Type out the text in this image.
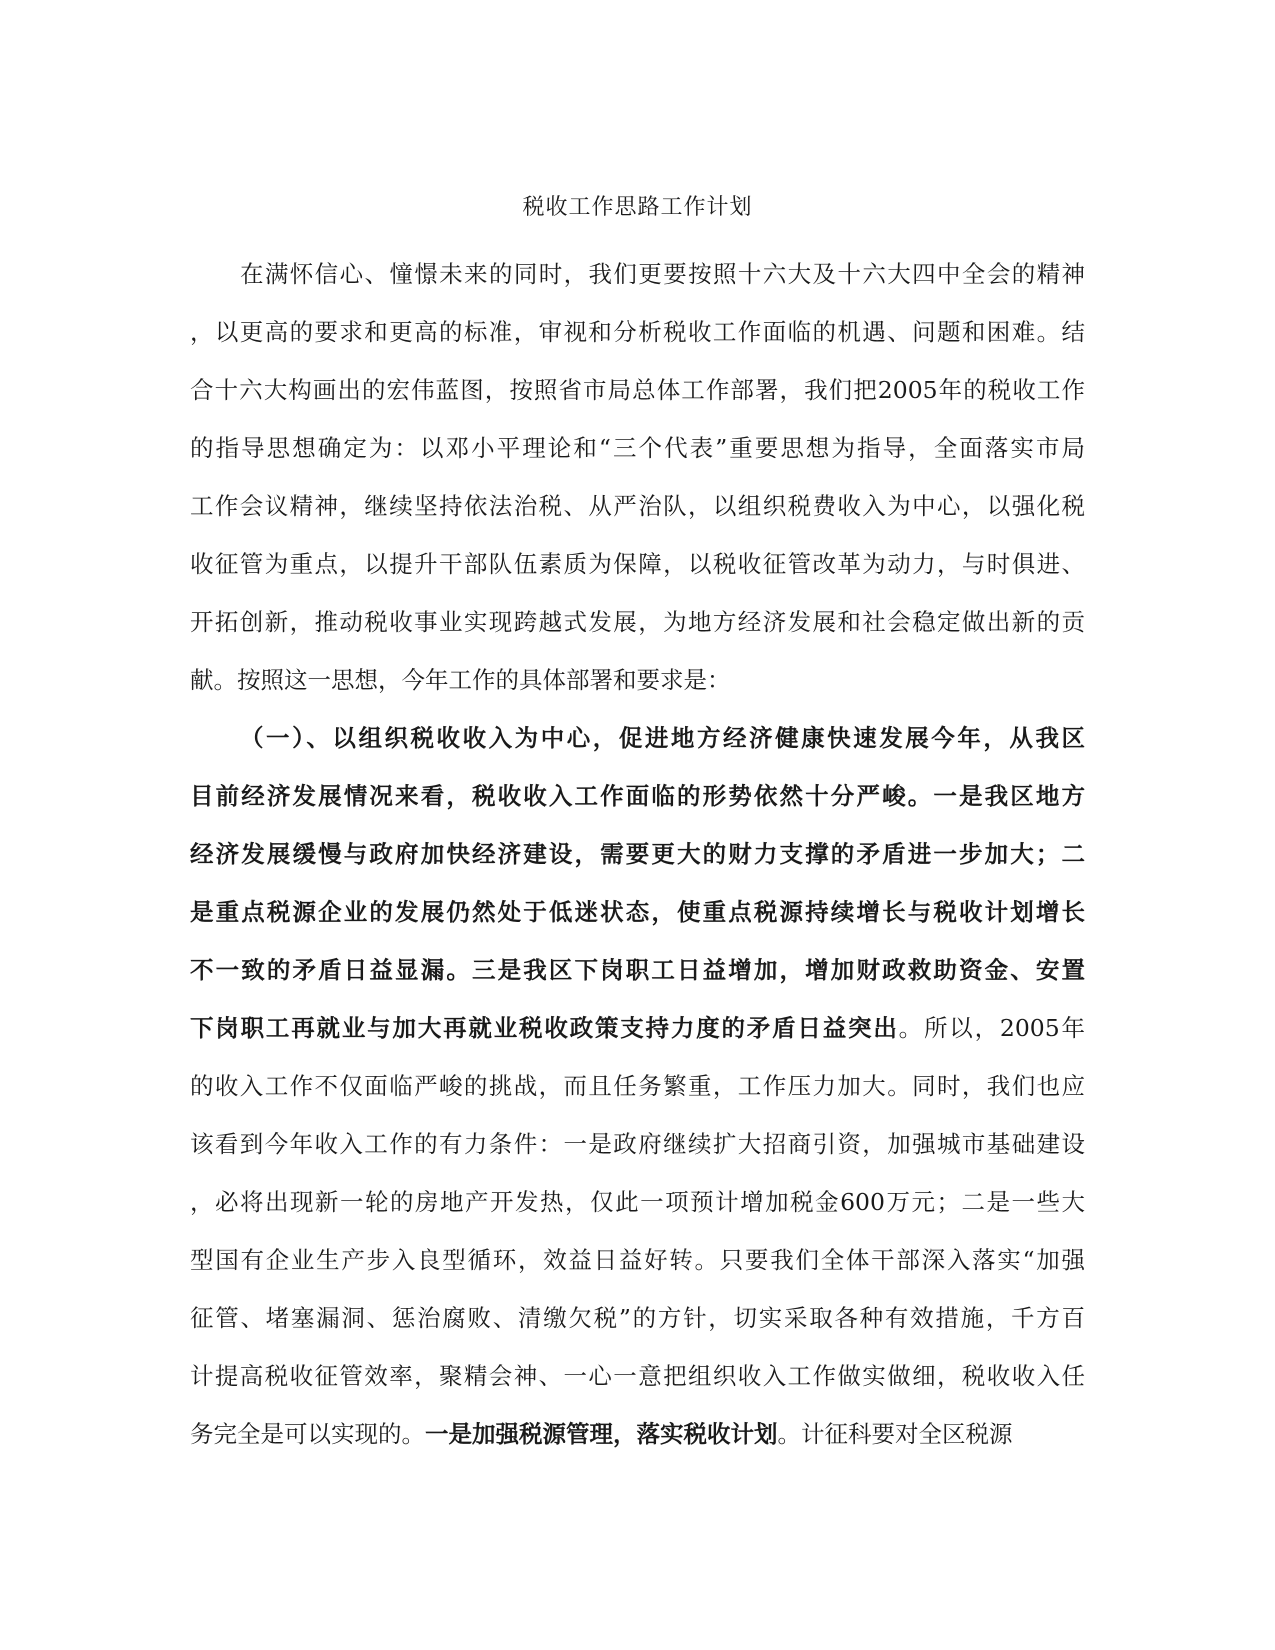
税收工作思路工作计划
在满怀信心、憧憬未来的同时，我们更要按照十六大及十六大四中全会的精神
，以更高的要求和更高的标准，审视和分析税收工作面临的机遇、问题和困难。结
合十六大构画出的宏伟蓝图，按照省市局总体工作部署，我们把2005年的税收工作
的指导思想确定为：以邓小平理论和“三个代表”重要思想为指导，全面落实市局
工作会议精神，继续坚持依法治税、从严治队，以组织税费收入为中心，以强化税
收征管为重点，以提升干部队伍素质为保障，以税收征管改革为动力，与时俱进、
开拓创新，推动税收事业实现跨越式发展，为地方经济发展和社会稳定做出新的贡
献。按照这一思想，今年工作的具体部署和要求是：
（一）、以组织税收收入为中心，促进地方经济健康快速发展今年，从我区
目前经济发展情况来看，税收收入工作面临的形势依然十分严峻。一是我区地方
经济发展缓慢与政府加快经济建设，需要更大的财力支撑的矛盾进一步加大；二
是重点税源企业的发展仍然处于低迷状态，使重点税源持续增长与税收计划增长
不一致的矛盾日益显漏。三是我区下岗职工日益增加，增加财政救助资金、安置
下岗职工再就业与加大再就业税收政策支持力度的矛盾日益突出。所以，2005年
的收入工作不仅面临严峻的挑战，而且任务繁重，工作压力加大。同时，我们也应
该看到今年收入工作的有力条件：一是政府继续扩大招商引资，加强城市基础建设
，必将出现新一轮的房地产开发热，仅此一项预计增加税金600万元；二是一些大
型国有企业生产步入良型循环，效益日益好转。只要我们全体干部深入落实“加强
征管、堵塞漏洞、惩治腐败、清缴欠税”的方针，切实采取各种有效措施，千方百
计提高税收征管效率，聚精会神、一心一意把组织收入工作做实做细，税收收入任
务完全是可以实现的。一是加强税源管理，落实税收计划。计征科要对全区税源
